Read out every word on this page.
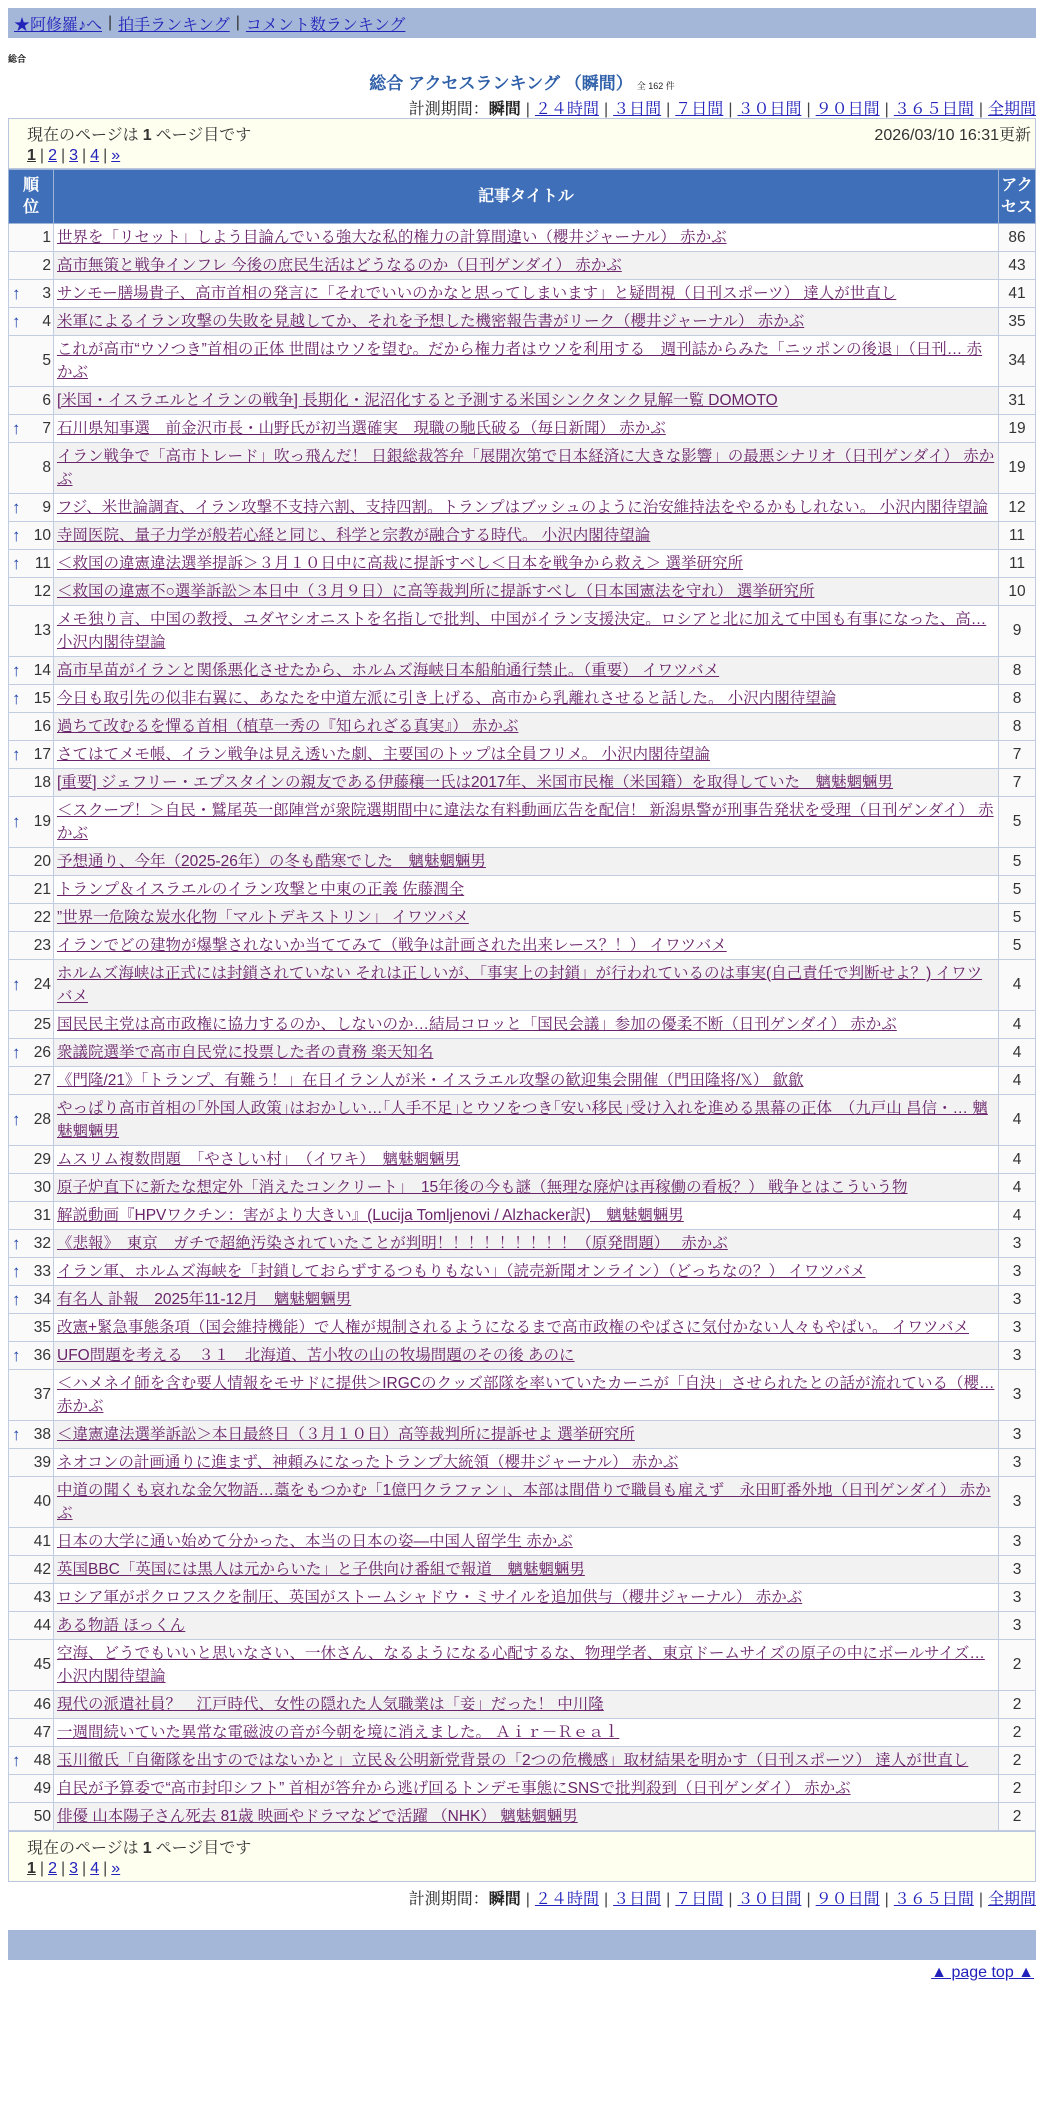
★阿修羅♪へ | 拍手ランキング | コメント数ランキング
総合
総合 アクセスランキング （瞬間） 全 162 件
計測期間：瞬間 | ２４時間 | ３日間 | ７日間 | ３０日間 | ９０日間 | ３６５日間 | 全期間
現在のページは 1 ページ目です	2026/03/10 16:31更新
1 | 2 | 3 | 4 | »
順位	記事タイトル	アクセス
1	世界を「リセット」しよう目論んでいる強大な私的権力の計算間違い（櫻井ジャーナル） 赤かぶ	86
2	高市無策と戦争インフレ 今後の庶民生活はどうなるのか（日刊ゲンダイ） 赤かぶ	43

↑ 3	サンモー膳場貴子、高市首相の発言に「それでいいのかなと思ってしまいます」と疑問視（日刊スポーツ） 達人が世直し	41

↑ 4	米軍によるイラン攻撃の失敗を見越してか、それを予想した機密報告書がリーク（櫻井ジャーナル） 赤かぶ	35
5	これが高市“ウソつき”首相の正体 世間はウソを望む。だから権力者はウソを利用する　週刊誌からみた「ニッポンの後退」（日刊… 赤かぶ	34
6	[米国・イスラエルとイランの戦争] 長期化・泥沼化すると予測する米国シンクタンク見解一覧 DOMOTO	31

↑ 7	石川県知事選　前金沢市長・山野氏が初当選確実　現職の馳氏破る（毎日新聞） 赤かぶ	19
8	イラン戦争で「高市トレード」吹っ飛んだ！ 日銀総裁答弁「展開次第で日本経済に大きな影響」の最悪シナリオ（日刊ゲンダイ） 赤かぶ	19

↑ 9	フジ、米世論調査、イラン攻撃不支持六割、支持四割。トランプはブッシュのように治安維持法をやるかもしれない。 小沢内閣待望論	12

↑ 10	寺岡医院、量子力学が般若心経と同じ、科学と宗教が融合する時代。 小沢内閣待望論	11

↑ 11	＜救国の違憲違法選挙提訴＞３月１０日中に高裁に提訴すべし＜日本を戦争から救え＞ 選挙研究所	11
12	＜救国の違憲不○選挙訴訟＞本日中（３月９日）に高等裁判所に提訴すべし（日本国憲法を守れ） 選挙研究所	10
13	メモ独り言、中国の教授、ユダヤシオニストを名指しで批判、中国がイラン支援決定。ロシアと北に加えて中国も有事になった、高… 小沢内閣待望論	9

↑ 14	高市早苗がイランと関係悪化させたから、ホルムズ海峡日本船舶通行禁止。（重要） イワツバメ	8

↑ 15	今日も取引先の似非右翼に、あなたを中道左派に引き上げる、高市から乳離れさせると話した。 小沢内閣待望論	8
16	過ちて改むるを憚る首相（植草一秀の『知られざる真実』） 赤かぶ	8

↑ 17	さてはてメモ帳、イラン戦争は見え透いた劇、主要国のトップは全員フリメ。 小沢内閣待望論	7
18	[重要] ジェフリー・エプスタインの親友である伊藤穰一氏は2017年、米国市民権（米国籍）を取得していた　魑魅魍魎男	7

↑ 19	＜スクープ！＞自民・鷲尾英一郎陣営が衆院選期間中に違法な有料動画広告を配信！ 新潟県警が刑事告発状を受理（日刊ゲンダイ） 赤かぶ	5
20	予想通り、今年（2025-26年）の冬も酷寒でした　魑魅魍魎男	5
21	トランプ＆イスラエルのイラン攻撃と中東の正義 佐藤潤全	5
22	”世界一危険な炭水化物「マルトデキストリン」 イワツバメ	5
23	イランでどの建物が爆撃されないか当ててみて（戦争は計画された出来レース？！） イワツバメ	5

↑ 24	ホルムズ海峡は正式には封鎖されていない それは正しいが、「事実上の封鎖」が行われているのは事実(自己責任で判断せよ？) イワツバメ	4
25	国民民主党は高市政権に協力するのか、しないのか…結局コロッと「国民会議」参加の優柔不断（日刊ゲンダイ） 赤かぶ	4

↑ 26	衆議院選挙で高市自民党に投票した者の責務 楽天知名	4
27	《門隆/21》「トランプ、有難う！」在日イラン人が米・イスラエル攻撃の歓迎集会開催（門田隆将/𝕏） 歙歙	4

↑ 28	やっぱり高市首相の｢外国人政策｣はおかしい…｢人手不足｣とウソをつき｢安い移民｣受け入れを進める黒幕の正体　（九戸山 昌信・… 魑魅魍魎男	4
29	ムスリム複数問題　「やさしい村」　（イワキ）　魑魅魍魎男	4
30	原子炉直下に新たな想定外「消えたコンクリート」　15年後の今も謎（無理な廃炉は再稼働の看板？） 戦争とはこういう物	4
31	解説動画『HPVワクチン：害がより大きい』(Lucija Tomljenovi / Alzhacker訳)　魑魅魍魎男	4

↑ 32	《悲報》　東京　ガチで超絶汚染されていたことが判明！！！！！！！！！（原発問題）　 赤かぶ	3

↑ 33	イラン軍、ホルムズ海峡を「封鎖しておらずするつもりもない」（読売新聞オンライン）（どっちなの？） イワツバメ	3

↑ 34	有名人 訃報　2025年11-12月　魑魅魍魎男	3
35	改憲+緊急事態条項（国会維持機能）で人権が規制されるようになるまで高市政権のやばさに気付かない人々もやばい。 イワツバメ	3

↑ 36	UFO問題を考える　３１　北海道、苫小牧の山の牧場問題のその後 あのに	3
37	＜ハメネイ師を含む要人情報をモサドに提供＞IRGCのクッズ部隊を率いていたカーニが「自決」させられたとの話が流れている（櫻… 赤かぶ	3

↑ 38	＜違憲違法選挙訴訟＞本日最終日（３月１０日）高等裁判所に提訴せよ 選挙研究所	3
39	ネオコンの計画通りに進まず、神頼みになったトランプ大統領（櫻井ジャーナル） 赤かぶ	3
40	中道の聞くも哀れな金欠物語…藁をもつかむ「1億円クラファン」、本部は間借りで職員も雇えず　永田町番外地（日刊ゲンダイ） 赤かぶ	3
41	日本の大学に通い始めて分かった、本当の日本の姿—中国人留学生 赤かぶ	3
42	英国BBC「英国には黒人は元からいた」と子供向け番組で報道　魑魅魍魎男	3
43	ロシア軍がポクロフスクを制圧、英国がストームシャドウ・ミサイルを追加供与（櫻井ジャーナル） 赤かぶ	3
44	ある物語 ほっくん	3
45	空海、どうでもいいと思いなさい、一休さん、なるようになる心配するな、物理学者、東京ドームサイズの原子の中にボールサイズ… 小沢内閣待望論	2
46	現代の派遣社員？　江戸時代、女性の隠れた人気職業は「妾」だった！ 中川隆	2
47	一週間続いていた異常な電磁波の音が今朝を境に消えました。 Ａｉｒ－Ｒｅａｌ	2

↑ 48	玉川徹氏「自衛隊を出すのではないかと」立民＆公明新党背景の「2つの危機感」取材結果を明かす（日刊スポーツ） 達人が世直し	2
49	自民が予算委で“高市封印シフト” 首相が答弁から逃げ回るトンデモ事態にSNSで批判殺到（日刊ゲンダイ） 赤かぶ	2
50	俳優 山本陽子さん死去 81歳 映画やドラマなどで活躍 （NHK） 魑魅魍魎男	2
現在のページは 1 ページ目です
1 | 2 | 3 | 4 | »
計測期間：瞬間 | ２４時間 | ３日間 | ７日間 | ３０日間 | ９０日間 | ３６５日間 | 全期間
▲ page top ▲
